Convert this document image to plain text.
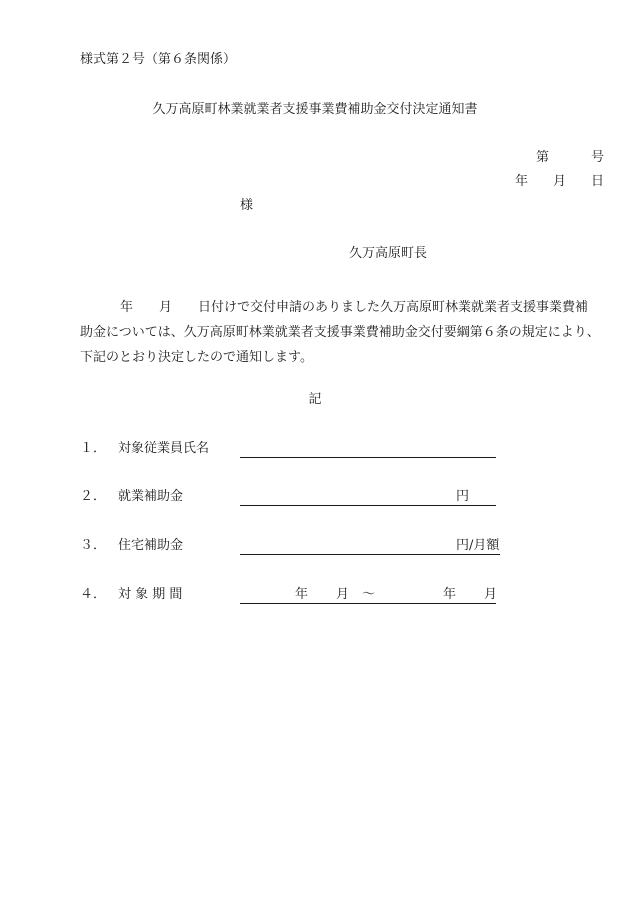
様式第２号（第６条関係）
久万高原町林業就業者支援事業費補助金交付決定通知書
第	号
年 月 日
様
久万高原町長
年　　月　　日付けで交付申請のありました久万高原町林業就業者支援事業費補
助金については、久万高原町林業就業者支援事業費補助金交付要綱第６条の規定により、
下記のとおり決定したので通知します。
記
１． 対象従業員氏名
２． 就業補助金	円
３． 住宅補助金	円/月額
４． 対 象 期 間	年 月 ～	年 月
